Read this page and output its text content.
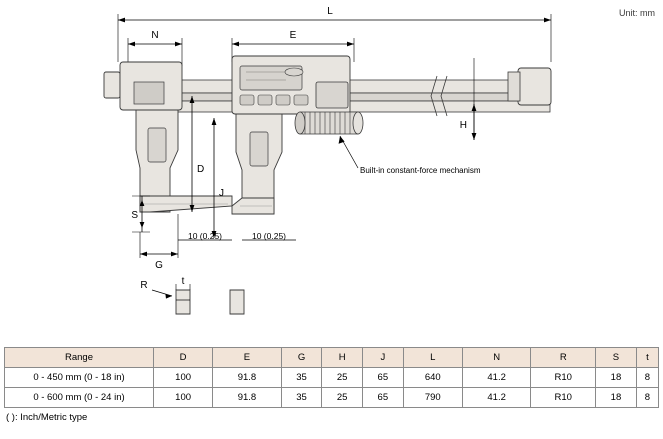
Unit: mm
L
N	E
Built-in constant-force mechanism
D
J
H
S
10 (0.25)	10 (0.25)
G
R	t
Range	D	E	G	H	J	L	N	R	S	t
0 - 450 mm (0 - 18 in)	100	91.8	35	25	65	640	41.2	R10	18	8
0 - 600 mm (0 - 24 in)	100	91.8	35	25	65	790	41.2	R10	18	8
( ): Inch/Metric type
